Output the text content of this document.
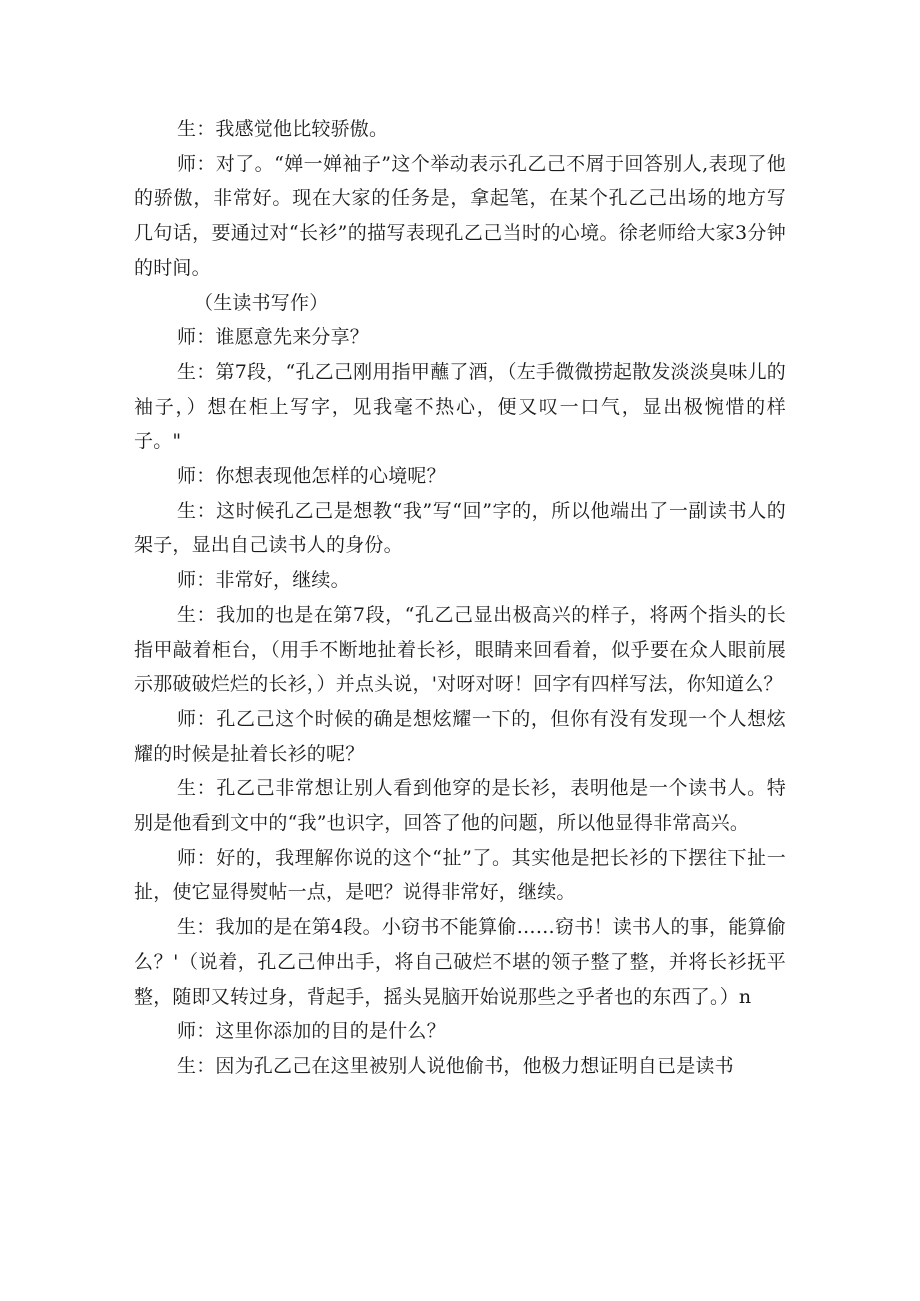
生：我感觉他比较骄傲。

师：对了。“婵一婵袖子”这个举动表示孔乙己不屑于回答别人,表现了他的骄傲，非常好。现在大家的任务是，拿起笔，在某个孔乙己出场的地方写几句话，要通过对“长衫”的描写表现孔乙己当时的心境。徐老师给大家3分钟的时间。

（生读书写作）

师：谁愿意先来分享？

生：第7段，“孔乙己刚用指甲蘸了酒，（左手微微捞起散发淡淡臭味儿的袖子，）想在柜上写字，见我毫不热心，便又叹一口气，显出极惋惜的样子。"

师：你想表现他怎样的心境呢？

生：这时候孔乙己是想教“我”写“回”字的，所以他端出了一副读书人的架子，显出自己读书人的身份。

师：非常好，继续。

生：我加的也是在第7段，“孔乙己显出极高兴的样子，将两个指头的长指甲敲着柜台，（用手不断地扯着长衫，眼睛来回看着，似乎要在众人眼前展示那破破烂烂的长衫，）并点头说，'对呀对呀！回字有四样写法，你知道么？

师：孔乙己这个时候的确是想炫耀一下的，但你有没有发现一个人想炫耀的时候是扯着长衫的呢？

生：孔乙己非常想让别人看到他穿的是长衫，表明他是一个读书人。特别是他看到文中的“我”也识字，回答了他的问题，所以他显得非常高兴。

师：好的，我理解你说的这个“扯”了。其实他是把长衫的下摆往下扯一扯，使它显得熨帖一点，是吧？说得非常好，继续。

生：我加的是在第4段。小窃书不能算偷……窃书！读书人的事，能算偷么？'（说着，孔乙己伸出手，将自己破烂不堪的领子整了整，并将长衫抚平整，随即又转过身，背起手，摇头晃脑开始说那些之乎者也的东西了。）n

师：这里你添加的目的是什么？

生：因为孔乙己在这里被别人说他偷书，他极力想证明自已是读书
